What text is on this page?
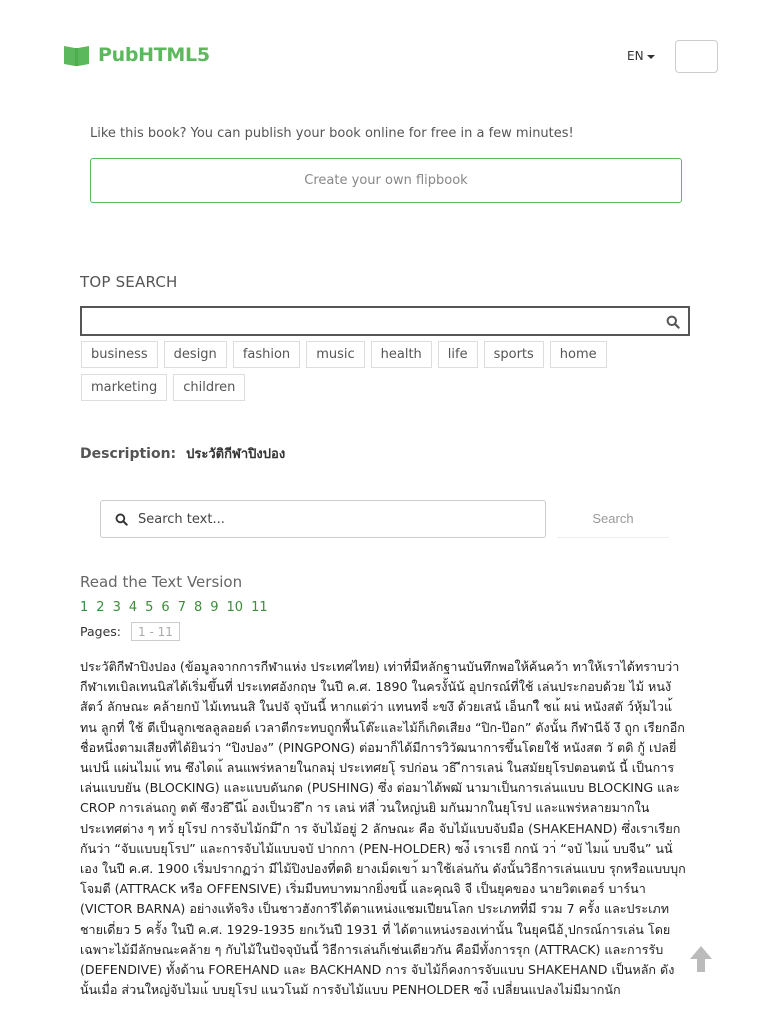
PubHTML5	EN
Like this book? You can publish your book online for free in a few minutes!
Create your own flipbook
TOP SEARCH
business	design	fashion	music	health	life	sports	home
marketing	children
Description: ประวัติกีฬาปิงปอง
Search text...
Search
Read the Text Version
1 2 3 4 5 6 7 8 9 10 11
Pages:	1 - 11
ประวัติกีฬาปิงปอง (ข้อมูลจากการกีฬาแห่ง ประเทศไทย) เท่าที่มีหลักฐานบันทึกพอให้ค้นคว้า ทาให้เราได้ทราบว่ากีฬาเทเบิลเทนนิสได้เริ่มขึ้นที่ ประเทศอังกฤษ ในปี ค.ศ. 1890 ในครงั้นัน้ อุปกรณ์ที่ใช้ เล่นประกอบด้วย ไม้ หนงั สัตว์ ลักษณะ คล้ายกบั ไม้เทนนสิ ในปจั จุบันนี้ หากแต่ว่า แทนทจี่ ะขงึ ด้วยเสน้ เอ็นกใ็ ชแ้ ผน่ หนังสตั ว์หุ้มไวแ้ ทน ลูกที่ ใช้ ตีเป็นลูกเซลลูลอยด์ เวลาตีกระทบถูกพื้นโต๊ะและไม้ก็เกิดเสียง “ปิก-ป๊อก” ดังนั้น กีฬานีจ้ งึ ถูก เรียกอีกชื่อหนึ่งตามเสียงที่ได้ยินว่า “ปิงปอง” (PINGPONG) ต่อมาก็ได้มีการวิวัฒนาการขึ้นโดยใช้ หนังสต วั ตดิ กู้ เปลยี่ นเปน็ แผ่นไมแ้ ทน ซึงไดแ้ ลนแพร่หลายในกลมุ่ ประเทศยโุ รปก่อน วธิ ีการเลน่ ในสมัยยุโรปตอนตน้ นี้ เป็นการเล่นแบบยัน (BLOCKING) และแบบดันกด (PUSHING) ซึ่ง ต่อมาได้พฒั นามาเป็นการเล่นแบบ BLOCKING และ CROP การเล่นถกู ตดั ซึงวธิ ีนีเ้ องเป็นวธิ ีก าร เลน่ ท่สี ่วนใหญ่นยิ มกันมากในยุโรป และแพร่หลายมากในประเทศต่าง ๆ ทวั่ ยุโรป การจับไม้กม็ ีก าร จับไม้อยู่ 2 ลักษณะ คือ จับไม้แบบจับมือ (SHAKEHAND) ซึ่งเราเรียกกันว่า “จับแบบยุโรป” และการจับไม้แบบจบั ปากกา (PEN-HOLDER) ซง่ึ เราเรยี กกนั วา่ “จบั ไมแ้ บบจีน” นนั่ เอง ในปี ค.ศ. 1900 เริ่มปรากฏว่า มีไม้ปิงปองที่ตดิ ยางเม็ดเขา้ มาใช้เล่นกัน ดังนั้นวิธีการเล่นแบบ รุกหรือแบบบุกโจมตี (ATTRACK หรือ OFFENSIVE) เริ่มมีบทบาทมากยิ่งขนึ้ และคุณจิ จี เป็นยุคของ นายวิตเตอร์ บาร์นา (VICTOR BARNA) อย่างแท้จริง เป็นชาวฮังการีได้ตาแหน่งแชมเปียนโลก ประเภทที่มี รวม 7 ครั้ง และประเภทชายเดี่ยว 5 ครั้ง ในปี ค.ศ. 1929-1935 ยกเว้นปี 1931 ที่ ได้ตาแหน่งรองเท่านั้น ในยุคนีอ้ ุปกรณ์การเล่น โดยเฉพาะไม้มีลักษณะคล้าย ๆ กับไม้ในปัจจุบันนี้ วิธีการเล่นก็เช่นเดียวกัน คือมีทั้งการรุก (ATTRACK) และการรับ (DEFENDIVE) ทั้งด้าน FOREHAND และ BACKHAND การ จับไม้ก็คงการจับแบบ SHAKEHAND เป็นหลัก ดังนั้นเมื่อ ส่วนใหญ่จับไมแ้ บบยุโรป แนวโนม้ การจับไม้แบบ PENHOLDER ซง่ึ เปลี่ยนแปลงไม่มีมากนัก
